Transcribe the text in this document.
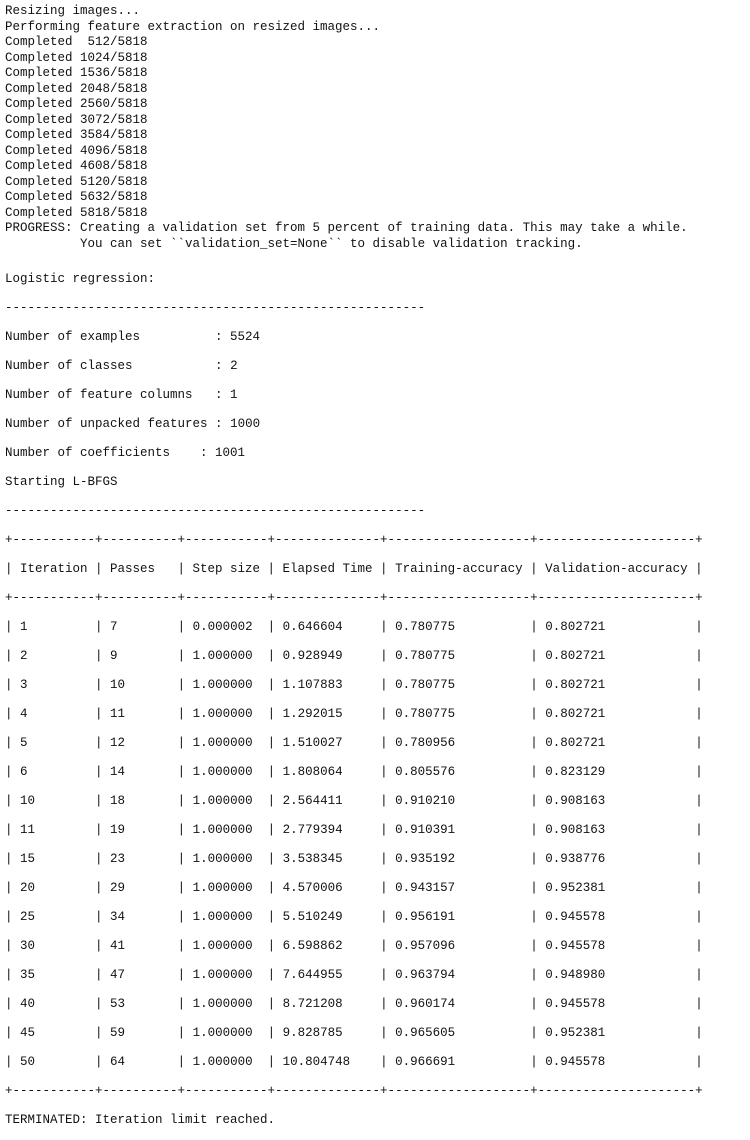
Resizing images...
Performing feature extraction on resized images...
Completed  512/5818
Completed 1024/5818
Completed 1536/5818
Completed 2048/5818
Completed 2560/5818
Completed 3072/5818
Completed 3584/5818
Completed 4096/5818
Completed 4608/5818
Completed 5120/5818
Completed 5632/5818
Completed 5818/5818
PROGRESS: Creating a validation set from 5 percent of training data. This may take a while.
You can set ``validation_set=None`` to disable validation tracking.
Logistic regression:
--------------------------------------------------------
Number of examples          : 5524
Number of classes           : 2
Number of feature columns   : 1
Number of unpacked features : 1000
Number of coefficients    : 1001
Starting L-BFGS
--------------------------------------------------------
+-----------+----------+-----------+--------------+-------------------+---------------------+
| Iteration | Passes   | Step size | Elapsed Time | Training-accuracy | Validation-accuracy |
+-----------+----------+-----------+--------------+-------------------+---------------------+
| 1         | 7        | 0.000002  | 0.646604     | 0.780775          | 0.802721            |
| 2         | 9        | 1.000000  | 0.928949     | 0.780775          | 0.802721            |
| 3         | 10       | 1.000000  | 1.107883     | 0.780775          | 0.802721            |
| 4         | 11       | 1.000000  | 1.292015     | 0.780775          | 0.802721            |
| 5         | 12       | 1.000000  | 1.510027     | 0.780956          | 0.802721            |
| 6         | 14       | 1.000000  | 1.808064     | 0.805576          | 0.823129            |
| 10        | 18       | 1.000000  | 2.564411     | 0.910210          | 0.908163            |
| 11        | 19       | 1.000000  | 2.779394     | 0.910391          | 0.908163            |
| 15        | 23       | 1.000000  | 3.538345     | 0.935192          | 0.938776            |
| 20        | 29       | 1.000000  | 4.570006     | 0.943157          | 0.952381            |
| 25        | 34       | 1.000000  | 5.510249     | 0.956191          | 0.945578            |
| 30        | 41       | 1.000000  | 6.598862     | 0.957096          | 0.945578            |
| 35        | 47       | 1.000000  | 7.644955     | 0.963794          | 0.948980            |
| 40        | 53       | 1.000000  | 8.721208     | 0.960174          | 0.945578            |
| 45        | 59       | 1.000000  | 9.828785     | 0.965605          | 0.952381            |
| 50        | 64       | 1.000000  | 10.804748    | 0.966691          | 0.945578            |
+-----------+----------+-----------+--------------+-------------------+---------------------+
TERMINATED: Iteration limit reached.
